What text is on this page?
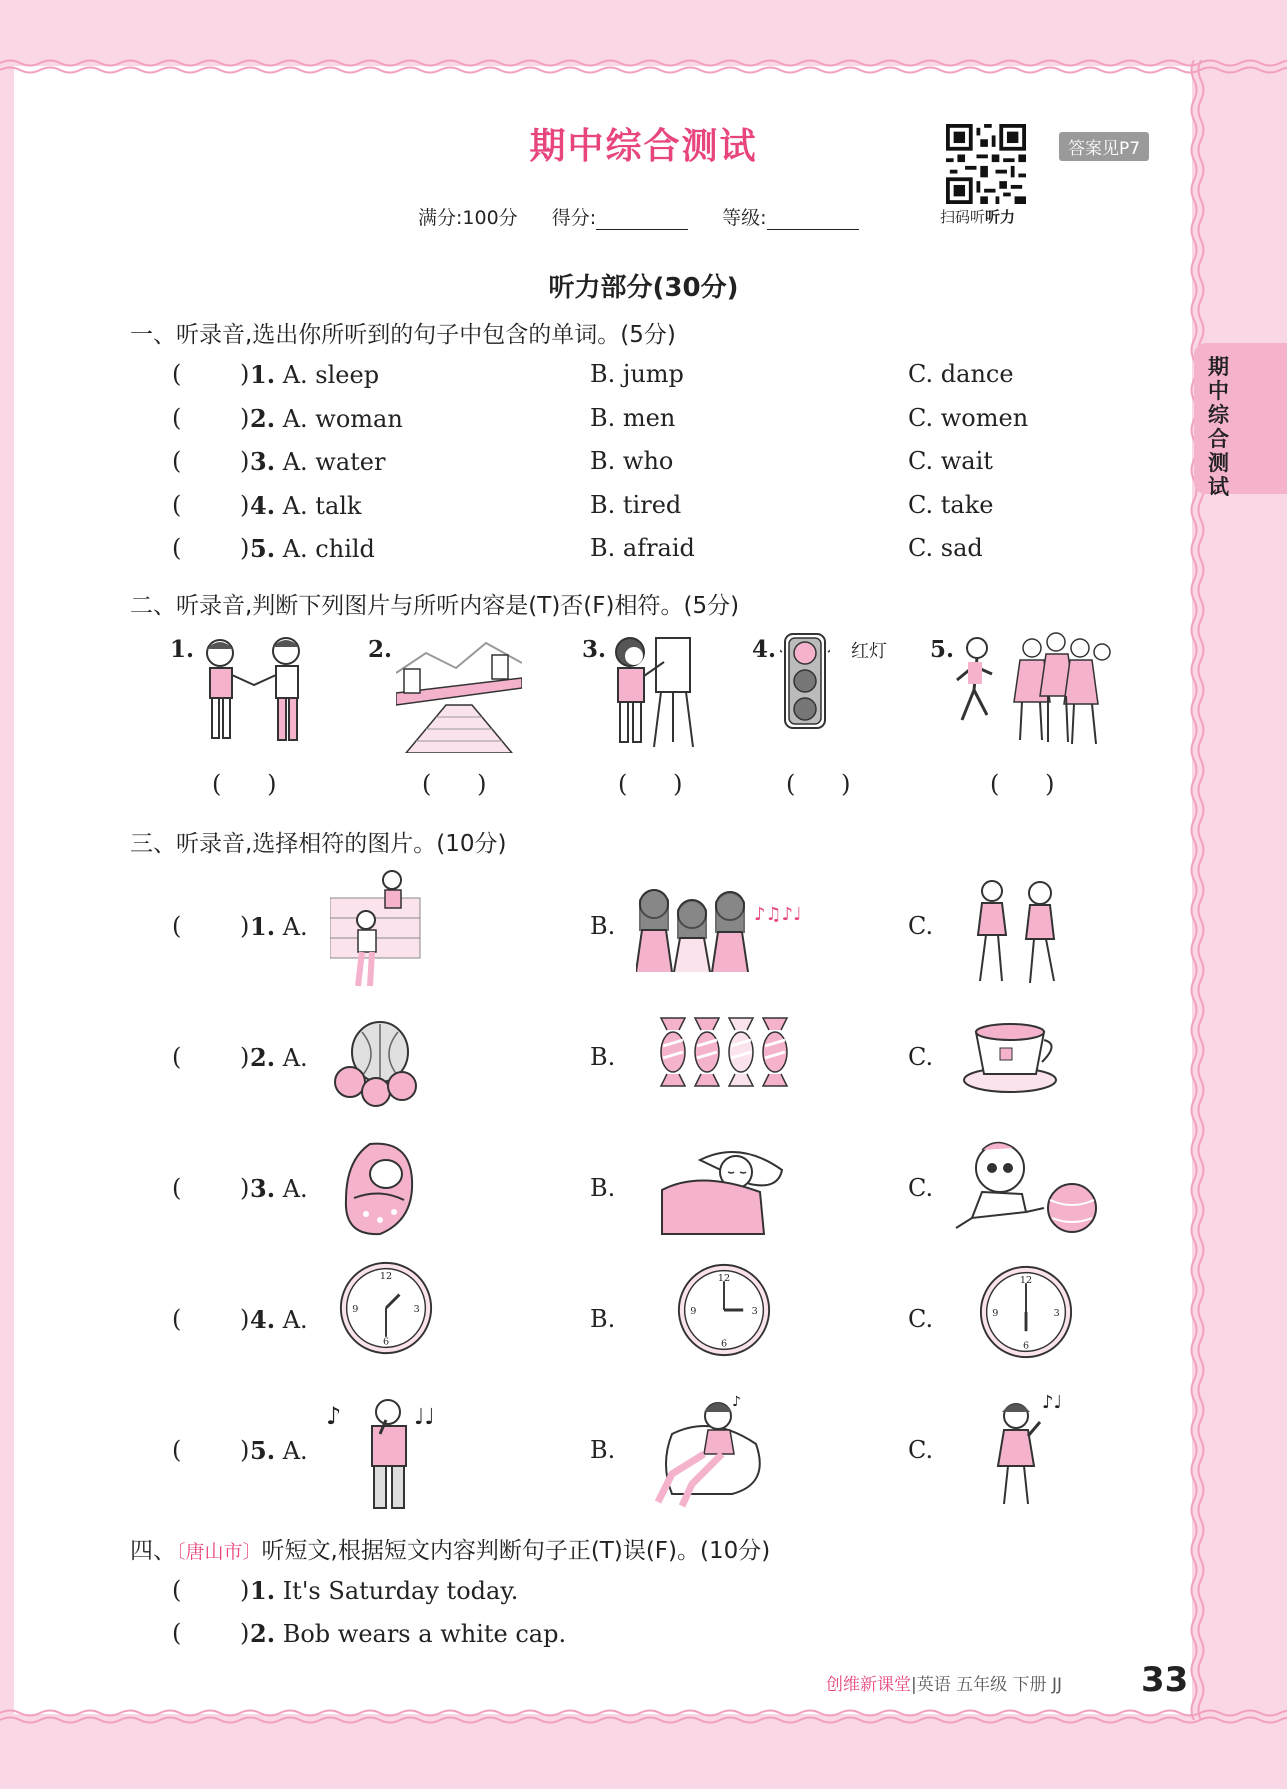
期中综合测试
扫码听听力
答案见P7
满分:100分 得分:	等级:
期中综合测试
听力部分(30分)
一、听录音,选出你所听到的句子中包含的单词。(5分)
( ) 1. A. sleep	B. jump	C. dance
( ) 2. A. woman	B. men	C. women
( ) 3. A. water	B. who	C. wait
( ) 4. A. talk	B. tired	C. take
( ) 5. A. child	B. afraid	C. sad
二、听录音,判断下列图片与所听内容是(T)否(F)相符。(5分)
1.	2.	3.	4.	红灯 5.
(      )	(      )	(      )	(      )	(      )
三、听录音,选择相符的图片。(10分)
( ) 1. A.	B.	C.
( ) 2. A.	B.	C.
( ) 3. A.	B.	C.
( ) 4. A.	B.	C.
( ) 5. A.	B.	C.
♪♫♪♩
12
3
6
9
12
3
6
9
12
3
6
9
♪	♩♩
♪	♪♩
四、〔唐山市〕听短文,根据短文内容判断句子正(T)误(F)。(10分)
( ) 1. It's Saturday today.
( ) 2. Bob wears a white cap.
创维新课堂|英语 五年级 下册 JJ 33
